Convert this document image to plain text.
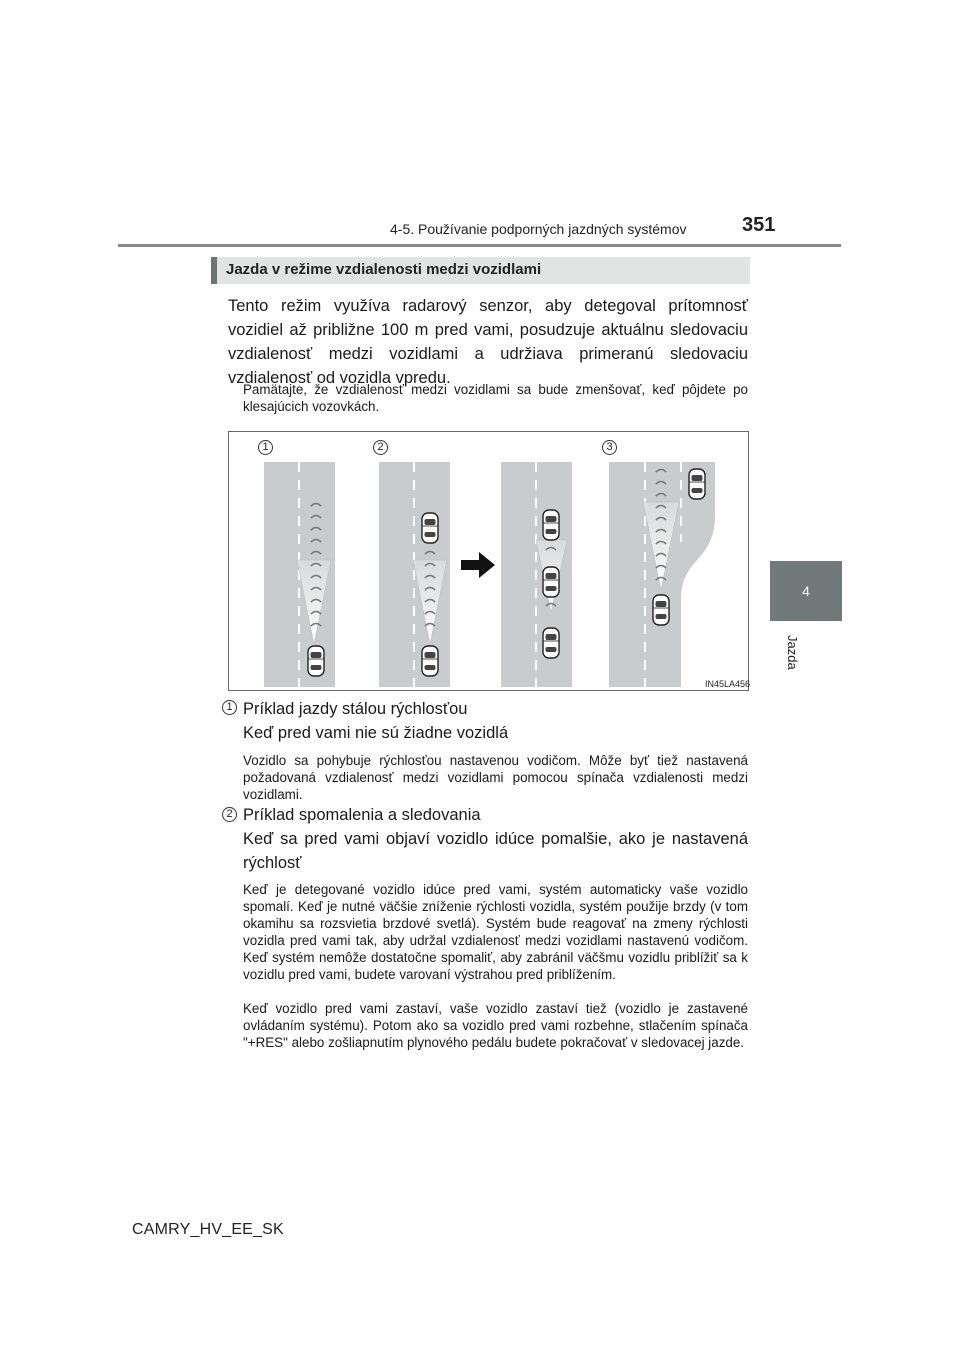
4-5. Používanie podporných jazdných systémov	351
4
Jazda
Jazda v režime vzdialenosti medzi vozidlami
Tento režim využíva radarový senzor, aby detegoval prítomnosť vozidiel až približne 100 m pred vami, posudzuje aktuálnu sledovaciu vzdialenosť medzi vozidlami a udržiava primeranú sledovaciu vzdialenosť od vozidla vpredu.
Pamätajte, že vzdialenosť medzi vozidlami sa bude zmenšovať, keď pôjdete po klesajúcich vozovkách.
1	2	3
IN45LA456
1 Príklad jazdy stálou rýchlosťou
Keď pred vami nie sú žiadne vozidlá
Vozidlo sa pohybuje rýchlosťou nastavenou vodičom. Môže byť tiež nastavená požadovaná vzdialenosť medzi vozidlami pomocou spínača vzdialenosti medzi vozidlami.
2 Príklad spomalenia a sledovania
Keď sa pred vami objaví vozidlo idúce pomalšie, ako je nastavená rýchlosť
Keď je detegované vozidlo idúce pred vami, systém automaticky vaše vozidlo spomalí. Keď je nutné väčšie zníženie rýchlosti vozidla, systém použije brzdy (v tom okamihu sa rozsvietia brzdové svetlá). Systém bude reagovať na zmeny rýchlosti vozidla pred vami tak, aby udržal vzdialenosť medzi vozidlami nastavenú vodičom. Keď systém nemôže dostatočne spomaliť, aby zabránil väčšmu vozidlu priblížiť sa k vozidlu pred vami, budete varovaní výstrahou pred priblížením.
Keď vozidlo pred vami zastaví, vaše vozidlo zastaví tiež (vozidlo je zastavené ovládaním systému). Potom ako sa vozidlo pred vami rozbehne, stlačením spínača "+RES" alebo zošliapnutím plynového pedálu budete pokračovať v sledovacej jazde.
CAMRY_HV_EE_SK
